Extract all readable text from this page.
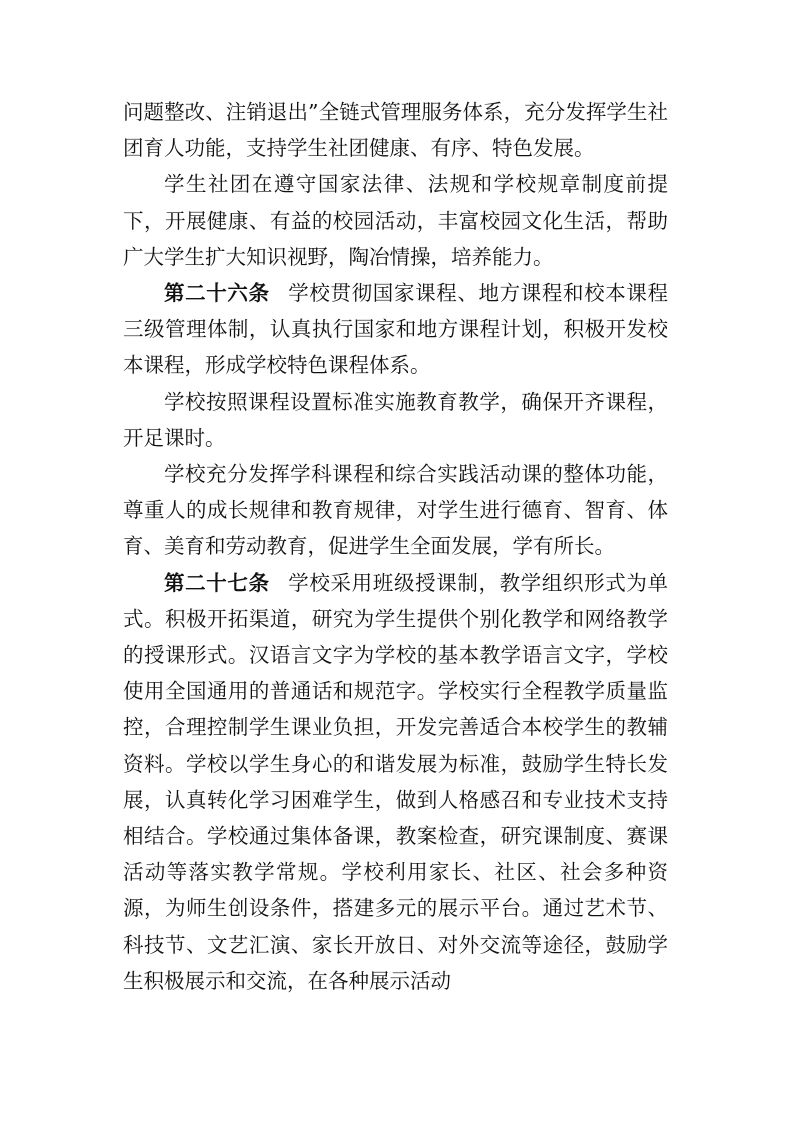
问题整改、注销退出”全链式管理服务体系，充分发挥学生社团育人功能，支持学生社团健康、有序、特色发展。

学生社团在遵守国家法律、法规和学校规章制度前提下，开展健康、有益的校园活动，丰富校园文化生活，帮助广大学生扩大知识视野，陶冶情操，培养能力。

第二十六条 学校贯彻国家课程、地方课程和校本课程三级管理体制，认真执行国家和地方课程计划，积极开发校本课程，形成学校特色课程体系。

学校按照课程设置标准实施教育教学，确保开齐课程，开足课时。

学校充分发挥学科课程和综合实践活动课的整体功能，尊重人的成长规律和教育规律，对学生进行德育、智育、体育、美育和劳动教育，促进学生全面发展，学有所长。

第二十七条 学校采用班级授课制，教学组织形式为单式。积极开拓渠道，研究为学生提供个别化教学和网络教学的授课形式。汉语言文字为学校的基本教学语言文字，学校使用全国通用的普通话和规范字。学校实行全程教学质量监控，合理控制学生课业负担，开发完善适合本校学生的教辅资料。学校以学生身心的和谐发展为标准，鼓励学生特长发展，认真转化学习困难学生，做到人格感召和专业技术支持相结合。学校通过集体备课，教案检查，研究课制度、赛课活动等落实教学常规。学校利用家长、社区、社会多种资源，为师生创设条件，搭建多元的展示平台。通过艺术节、科技节、文艺汇演、家长开放日、对外交流等途径，鼓励学生积极展示和交流，在各种展示活动
